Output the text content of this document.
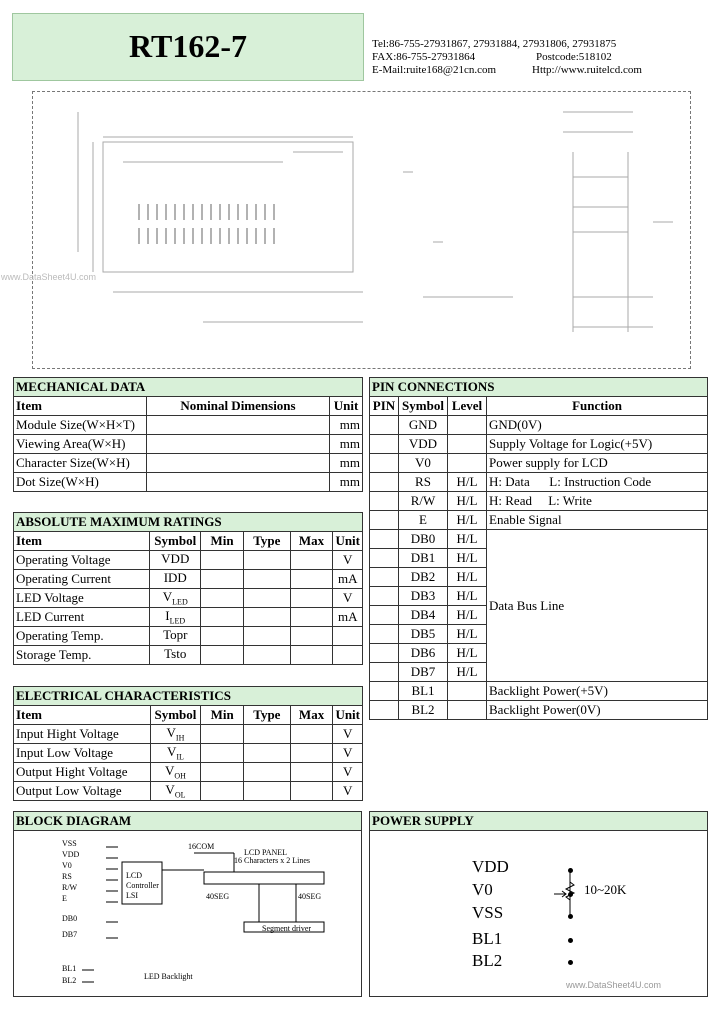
RT162-7	Tel:86-755-27931867, 27931884, 27931806, 27931875
FAX:86-755-27931864	Postcode:518102
E-Mail:ruite168@21cn.com	Http://www.ruitelcd.com
www.DataSheet4U.com
MECHANICAL DATA		
Item	Nominal Dimensions	Unit
Module Size(W×H×T)		mm
Viewing Area(W×H)		mm
Character Size(W×H)		mm
Dot Size(W×H)		mm
ABSOLUTE MAXIMUM RATINGS					
Item	Symbol	Min	Type	Max	Unit
Operating Voltage	VDD				V
Operating Current	IDD				mA
LED Voltage	$V_{LED}$				V
LED Current	$I_{LED}$				mA
Operating Temp.	Topr				
Storage Temp.	Tsto				
ELECTRICAL CHARACTERISTICS					
Item	Symbol	Min	Type	Max	Unit
Input Hight Voltage	$V_{IH}$				V
Input Low Voltage	$V_{IL}$				V
Output Hight Voltage	$V_{OH}$				V
Output Low Voltage	$V_{OL}$				V
PIN CONNECTIONS			
PIN	Symbol	Level	Function
	GND		GND(0V)
	VDD		Supply Voltage for Logic(+5V)
	V0		Power supply for LCD
	RS	H/L	H: Data      L: Instruction Code
	R/W	H/L	H: Read     L: Write
	E	H/L	Enable Signal
	DB0	H/L	Data Bus Line
	DB1	H/L	
	DB2	H/L	
	DB3	H/L	
	DB4	H/L	
	DB5	H/L	
	DB6	H/L	
	DB7	H/L	
	BL1		Backlight Power(+5V)
	BL2		Backlight Power(0V)
BLOCK DIAGRAM
VSS
VDD
V0
RS
R/W
E
DB0
DB7
LCD
Controller
LSI
16COM
LCD PANEL
16 Characters x 2 Lines
40SEG	40SEG
Segment driver
BL1
BL2	LED Backlight
POWER SUPPLY
VDD
V0
VSS
BL1
BL2
10~20K
www.DataSheet4U.com
